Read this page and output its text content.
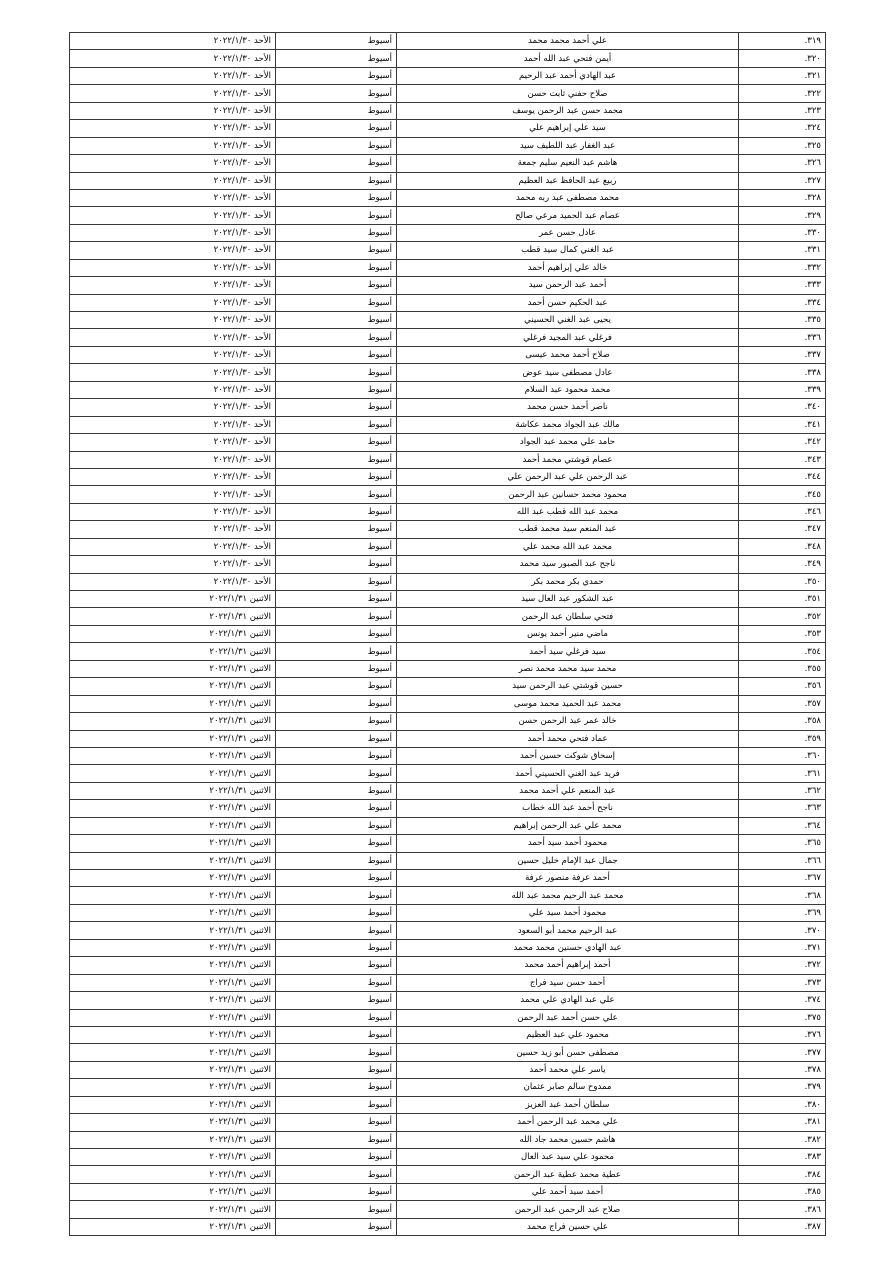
٣١٩.	علي أحمد محمد محمد	أسيوط	الأحد ٢٠٢٢/١/٣٠
٣٢٠.	أيمن فتحي عبد الله أحمد	أسيوط	الأحد ٢٠٢٢/١/٣٠
٣٢١.	عبد الهادي أحمد عبد الرحيم	أسيوط	الأحد ٢٠٢٢/١/٣٠
٣٢٢.	صلاح حفني ثابت حسن	أسيوط	الأحد ٢٠٢٢/١/٣٠
٣٢٣.	محمد حسن عبد الرحمن يوسف	أسيوط	الأحد ٢٠٢٢/١/٣٠
٣٢٤.	سيد علي إبراهيم علي	أسيوط	الأحد ٢٠٢٢/١/٣٠
٣٢٥.	عبد الغفار عبد اللطيف سيد	أسيوط	الأحد ٢٠٢٢/١/٣٠
٣٢٦.	هاشم عبد النعيم سليم جمعة	أسيوط	الأحد ٢٠٢٢/١/٣٠
٣٢٧.	ربيع عبد الحافظ عبد العظيم	أسيوط	الأحد ٢٠٢٢/١/٣٠
٣٢٨.	محمد مصطفى عبد ربه محمد	أسيوط	الأحد ٢٠٢٢/١/٣٠
٣٢٩.	عصام عبد الحميد مرعي صالح	أسيوط	الأحد ٢٠٢٢/١/٣٠
٣٣٠.	عادل حسن عمر	أسيوط	الأحد ٢٠٢٢/١/٣٠
٣٣١.	عبد الغني كمال سيد قطب	أسيوط	الأحد ٢٠٢٢/١/٣٠
٣٣٢.	خالد علي إبراهيم أحمد	أسيوط	الأحد ٢٠٢٢/١/٣٠
٣٣٣.	أحمد عبد الرحمن سيد	أسيوط	الأحد ٢٠٢٢/١/٣٠
٣٣٤.	عبد الحكيم حسن أحمد	أسيوط	الأحد ٢٠٢٢/١/٣٠
٣٣٥.	يحيى عبد الغني الحسيني	أسيوط	الأحد ٢٠٢٢/١/٣٠
٣٣٦.	فرغلي عبد المجيد فرغلي	أسيوط	الأحد ٢٠٢٢/١/٣٠
٣٣٧.	صلاح أحمد محمد عيسى	أسيوط	الأحد ٢٠٢٢/١/٣٠
٣٣٨.	عادل مصطفى سيد عوض	أسيوط	الأحد ٢٠٢٢/١/٣٠
٣٣٩.	محمد محمود عبد السلام	أسيوط	الأحد ٢٠٢٢/١/٣٠
٣٤٠.	ناصر أحمد حسن محمد	أسيوط	الأحد ٢٠٢٢/١/٣٠
٣٤١.	مالك عبد الجواد محمد عكاشة	أسيوط	الأحد ٢٠٢٢/١/٣٠
٣٤٢.	حامد علي محمد عبد الجواد	أسيوط	الأحد ٢٠٢٢/١/٣٠
٣٤٣.	عصام قوشتي محمد أحمد	أسيوط	الأحد ٢٠٢٢/١/٣٠
٣٤٤.	عبد الرحمن علي عبد الرحمن علي	أسيوط	الأحد ٢٠٢٢/١/٣٠
٣٤٥.	محمود محمد حسانين عبد الرحمن	أسيوط	الأحد ٢٠٢٢/١/٣٠
٣٤٦.	محمد عبد الله قطب عبد الله	أسيوط	الأحد ٢٠٢٢/١/٣٠
٣٤٧.	عبد المنعم سيد محمد قطب	أسيوط	الأحد ٢٠٢٢/١/٣٠
٣٤٨.	محمد عبد الله محمد علي	أسيوط	الأحد ٢٠٢٢/١/٣٠
٣٤٩.	ناجح عبد الصبور سيد محمد	أسيوط	الأحد ٢٠٢٢/١/٣٠
٣٥٠.	حمدي بكر محمد بكر	أسيوط	الأحد ٢٠٢٢/١/٣٠
٣٥١.	عبد الشكور عبد العال سيد	أسيوط	الاثنين ٢٠٢٢/١/٣١
٣٥٢.	فتحي سلطان عبد الرحمن	أسيوط	الاثنين ٢٠٢٢/١/٣١
٣٥٣.	ماضي منير أحمد يونس	أسيوط	الاثنين ٢٠٢٢/١/٣١
٣٥٤.	سيد فرغلي سيد أحمد	أسيوط	الاثنين ٢٠٢٢/١/٣١
٣٥٥.	محمد سيد محمد محمد نصر	أسيوط	الاثنين ٢٠٢٢/١/٣١
٣٥٦.	حسين قوشتي عبد الرحمن سيد	أسيوط	الاثنين ٢٠٢٢/١/٣١
٣٥٧.	محمد عبد الحميد محمد موسى	أسيوط	الاثنين ٢٠٢٢/١/٣١
٣٥٨.	خالد عمر عبد الرحمن حسن	أسيوط	الاثنين ٢٠٢٢/١/٣١
٣٥٩.	عماد فتحي محمد أحمد	أسيوط	الاثنين ٢٠٢٢/١/٣١
٣٦٠.	إسحاق شوكت حسين أحمد	أسيوط	الاثنين ٢٠٢٢/١/٣١
٣٦١.	فريد عبد الغني الحسيني أحمد	أسيوط	الاثنين ٢٠٢٢/١/٣١
٣٦٢.	عبد المنعم علي أحمد محمد	أسيوط	الاثنين ٢٠٢٢/١/٣١
٣٦٣.	ناجح أحمد عبد الله خطاب	أسيوط	الاثنين ٢٠٢٢/١/٣١
٣٦٤.	محمد علي عبد الرحمن إبراهيم	أسيوط	الاثنين ٢٠٢٢/١/٣١
٣٦٥.	محمود أحمد سيد أحمد	أسيوط	الاثنين ٢٠٢٢/١/٣١
٣٦٦.	جمال عبد الإمام خليل حسين	أسيوط	الاثنين ٢٠٢٢/١/٣١
٣٦٧.	أحمد عرفة منصور عرفة	أسيوط	الاثنين ٢٠٢٢/١/٣١
٣٦٨.	محمد عبد الرحيم محمد عبد الله	أسيوط	الاثنين ٢٠٢٢/١/٣١
٣٦٩.	محمود أحمد سيد علي	أسيوط	الاثنين ٢٠٢٢/١/٣١
٣٧٠.	عبد الرحيم محمد أبو السعود	أسيوط	الاثنين ٢٠٢٢/١/٣١
٣٧١.	عبد الهادي حسنين محمد محمد	أسيوط	الاثنين ٢٠٢٢/١/٣١
٣٧٢.	أحمد إبراهيم أحمد محمد	أسيوط	الاثنين ٢٠٢٢/١/٣١
٣٧٣.	أحمد حسن سيد فراج	أسيوط	الاثنين ٢٠٢٢/١/٣١
٣٧٤.	علي عبد الهادي علي محمد	أسيوط	الاثنين ٢٠٢٢/١/٣١
٣٧٥.	علي حسن أحمد عبد الرحمن	أسيوط	الاثنين ٢٠٢٢/١/٣١
٣٧٦.	محمود علي عبد العظيم	أسيوط	الاثنين ٢٠٢٢/١/٣١
٣٧٧.	مصطفى حسن أبو زيد حسين	أسيوط	الاثنين ٢٠٢٢/١/٣١
٣٧٨.	ياسر علي محمد أحمد	أسيوط	الاثنين ٢٠٢٢/١/٣١
٣٧٩.	ممدوح سالم صابر عثمان	أسيوط	الاثنين ٢٠٢٢/١/٣١
٣٨٠.	سلطان أحمد عبد العزيز	أسيوط	الاثنين ٢٠٢٢/١/٣١
٣٨١.	علي محمد عبد الرحمن أحمد	أسيوط	الاثنين ٢٠٢٢/١/٣١
٣٨٢.	هاشم حسين محمد جاد الله	أسيوط	الاثنين ٢٠٢٢/١/٣١
٣٨٣.	محمود علي سيد عبد العال	أسيوط	الاثنين ٢٠٢٢/١/٣١
٣٨٤.	عطية محمد عطية عبد الرحمن	أسيوط	الاثنين ٢٠٢٢/١/٣١
٣٨٥.	أحمد سيد أحمد علي	أسيوط	الاثنين ٢٠٢٢/١/٣١
٣٨٦.	صلاح عبد الرحمن عبد الرحمن	أسيوط	الاثنين ٢٠٢٢/١/٣١
٣٨٧.	علي حسين فراج محمد	أسيوط	الاثنين ٢٠٢٢/١/٣١
